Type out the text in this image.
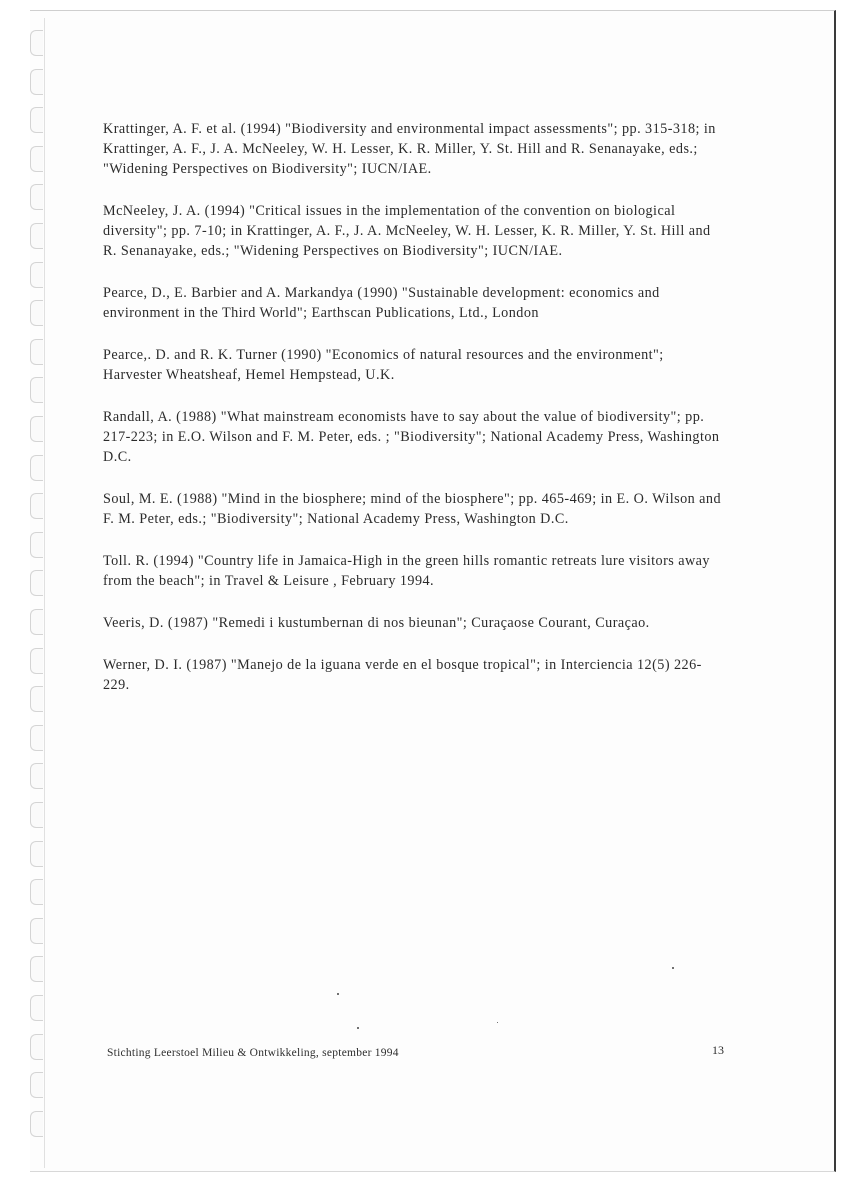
Krattinger, A. F. et al. (1994) "Biodiversity and environmental impact assessments"; pp. 315-318; in Krattinger, A. F., J. A. McNeeley, W. H. Lesser, K. R. Miller, Y. St. Hill and R. Senanayake, eds.; "Widening Perspectives on Biodiversity"; IUCN/IAE.
McNeeley, J. A. (1994) "Critical issues in the implementation of the convention on biological diversity"; pp. 7-10; in Krattinger, A. F., J. A. McNeeley, W. H. Lesser, K. R. Miller, Y. St. Hill and R. Senanayake, eds.; "Widening Perspectives on Biodiversity"; IUCN/IAE.
Pearce, D., E. Barbier and A. Markandya (1990) "Sustainable development: economics and environment in the Third World"; Earthscan Publications, Ltd., London
Pearce,. D. and R. K. Turner (1990) "Economics of natural resources and the environment"; Harvester Wheatsheaf, Hemel Hempstead, U.K.
Randall, A. (1988) "What mainstream economists have to say about the value of biodiversity"; pp. 217-223; in E.O. Wilson and F. M. Peter, eds. ; "Biodiversity"; National Academy Press, Washington D.C.
Soul, M. E. (1988) "Mind in the biosphere; mind of the biosphere"; pp. 465-469; in E. O. Wilson and F. M. Peter, eds.; "Biodiversity"; National Academy Press, Washington D.C.
Toll. R. (1994) "Country life in Jamaica-High in the green hills romantic retreats lure visitors away from the beach"; in Travel & Leisure , February 1994.
Veeris, D. (1987) "Remedi i kustumbernan di nos bieunan"; Curaçaose Courant, Curaçao.
Werner, D. I. (1987) "Manejo de la iguana verde en el bosque tropical"; in Interciencia 12(5) 226-229.
Stichting Leerstoel Milieu & Ontwikkeling, september 1994	13
